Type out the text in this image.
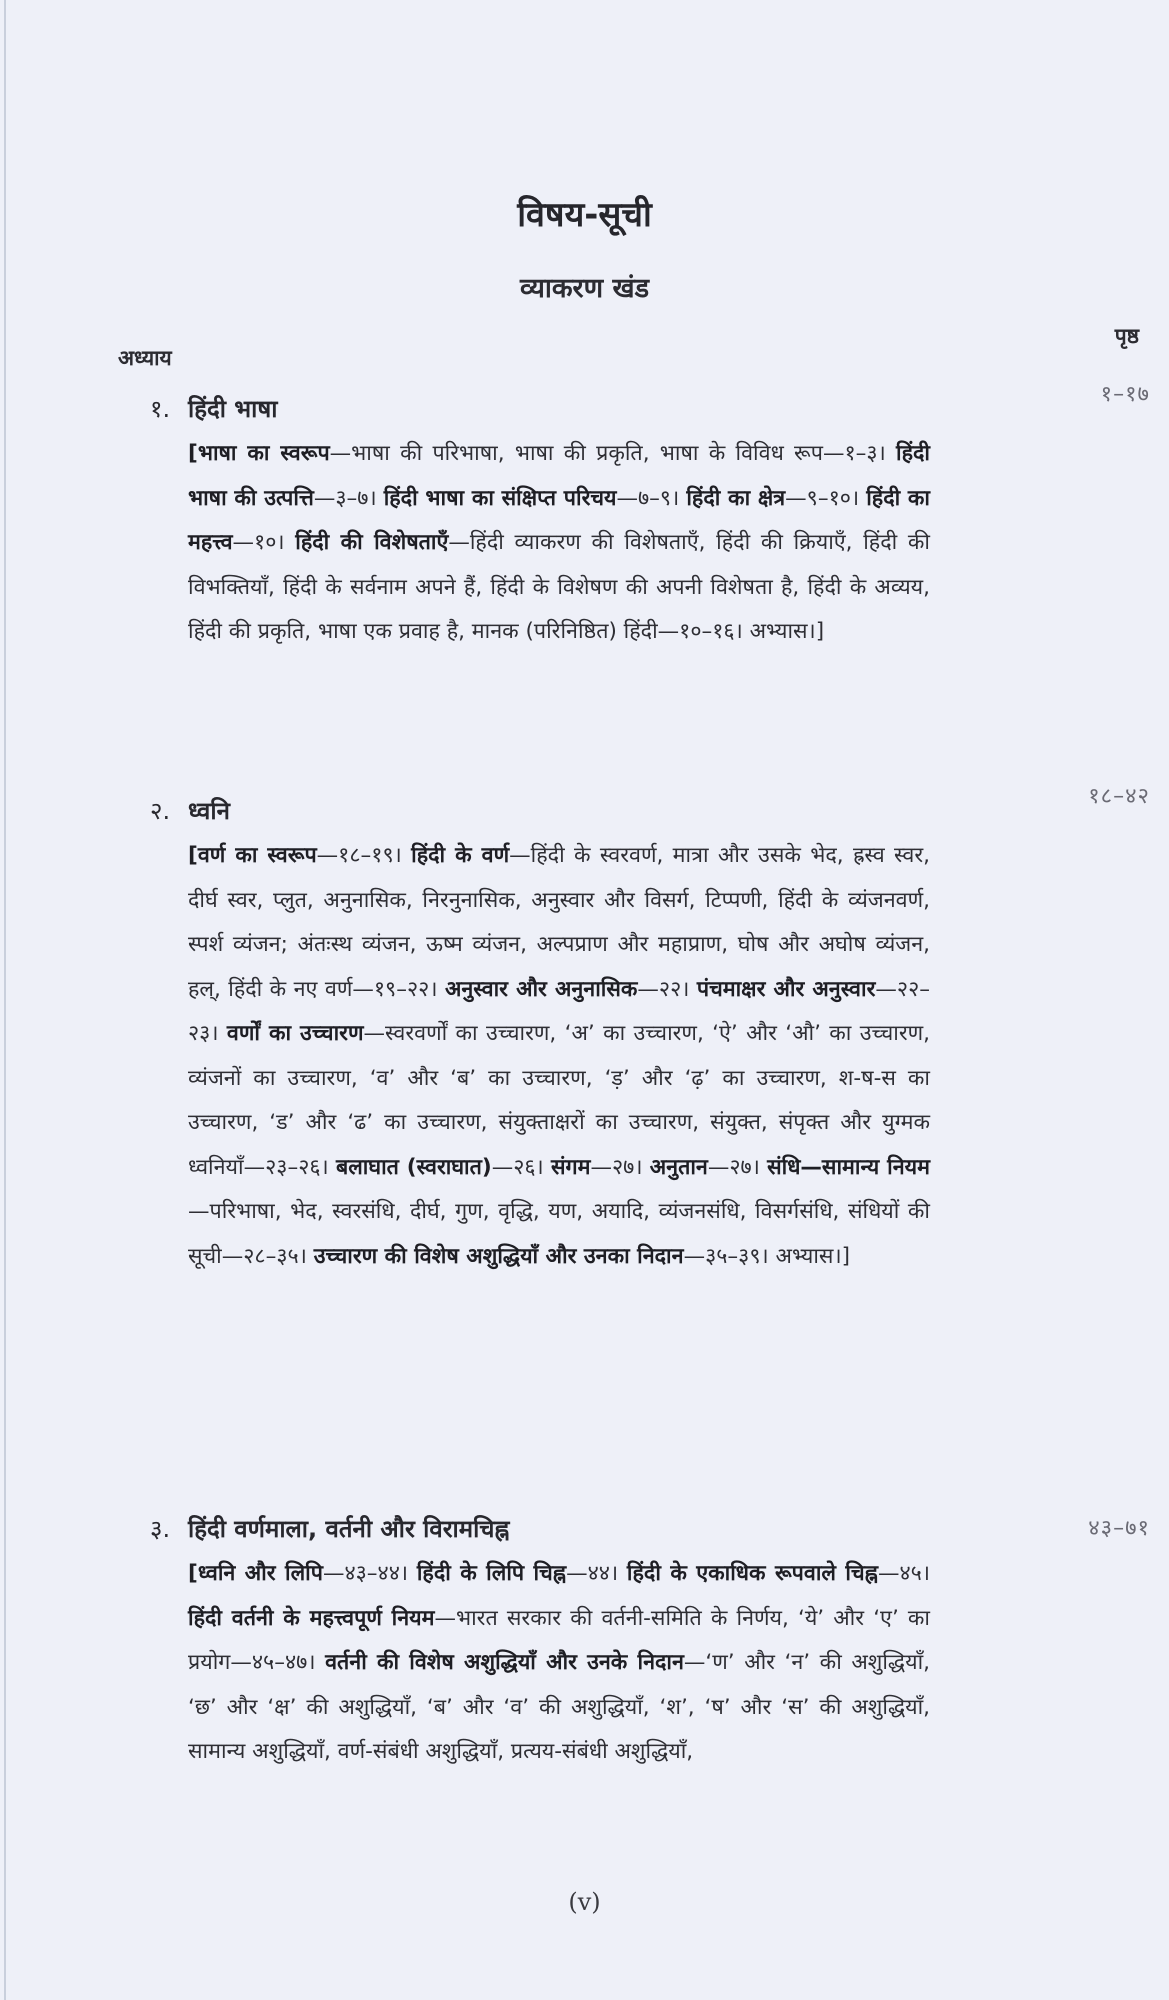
विषय-सूची
व्याकरण खंड
अध्याय
पृष्ठ
१. हिंदी भाषा
१–१७
[भाषा का स्वरूप—भाषा की परिभाषा, भाषा की प्रकृति, भाषा के विविध रूप—१–३। हिंदी भाषा की उत्पत्ति—३–७। हिंदी भाषा का संक्षिप्त परिचय—७–९। हिंदी का क्षेत्र—९–१०। हिंदी का महत्त्व—१०। हिंदी की विशेषताएँ—हिंदी व्याकरण की विशेषताएँ, हिंदी की क्रियाएँ, हिंदी की विभक्तियाँ, हिंदी के सर्वनाम अपने हैं, हिंदी के विशेषण की अपनी विशेषता है, हिंदी के अव्यय, हिंदी की प्रकृति, भाषा एक प्रवाह है, मानक (परिनिष्ठित) हिंदी—१०–१६। अभ्यास।]
२. ध्वनि
१८–४२
[वर्ण का स्वरूप—१८–१९। हिंदी के वर्ण—हिंदी के स्वरवर्ण, मात्रा और उसके भेद, ह्रस्व स्वर, दीर्घ स्वर, प्लुत, अनुनासिक, निरनुनासिक, अनुस्वार और विसर्ग, टिप्पणी, हिंदी के व्यंजनवर्ण, स्पर्श व्यंजन; अंतःस्थ व्यंजन, ऊष्म व्यंजन, अल्पप्राण और महाप्राण, घोष और अघोष व्यंजन, हल्, हिंदी के नए वर्ण—१९–२२। अनुस्वार और अनुनासिक—२२। पंचमाक्षर और अनुस्वार—२२–२३। वर्णों का उच्चारण—स्वरवर्णों का उच्चारण, ‘अ’ का उच्चारण, ‘ऐ’ और ‘औ’ का उच्चारण, व्यंजनों का उच्चारण, ‘व’ और ‘ब’ का उच्चारण, ‘ड़’ और ‘ढ़’ का उच्चारण, श-ष-स का उच्चारण, ‘ड’ और ‘ढ’ का उच्चारण, संयुक्ताक्षरों का उच्चारण, संयुक्त, संपृक्त और युग्मक ध्वनियाँ—२३–२६। बलाघात (स्वराघात)—२६। संगम—२७। अनुतान—२७। संधि—सामान्य नियम—परिभाषा, भेद, स्वरसंधि, दीर्घ, गुण, वृद्धि, यण, अयादि, व्यंजनसंधि, विसर्गसंधि, संधियों की सूची—२८–३५। उच्चारण की विशेष अशुद्धियाँ और उनका निदान—३५–३९। अभ्यास।]
३. हिंदी वर्णमाला, वर्तनी और विरामचिह्न	४३–७१
[ध्वनि और लिपि—४३–४४। हिंदी के लिपि चिह्न—४४। हिंदी के एकाधिक रूपवाले चिह्न—४५। हिंदी वर्तनी के महत्त्वपूर्ण नियम—भारत सरकार की वर्तनी-समिति के निर्णय, ‘ये’ और ‘ए’ का प्रयोग—४५–४७। वर्तनी की विशेष अशुद्धियाँ और उनके निदान—‘ण’ और ‘न’ की अशुद्धियाँ, ‘छ’ और ‘क्ष’ की अशुद्धियाँ, ‘ब’ और ‘व’ की अशुद्धियाँ, ‘श’, ‘ष’ और ‘स’ की अशुद्धियाँ, सामान्य अशुद्धियाँ, वर्ण-संबंधी अशुद्धियाँ, प्रत्यय-संबंधी अशुद्धियाँ,
(v)
